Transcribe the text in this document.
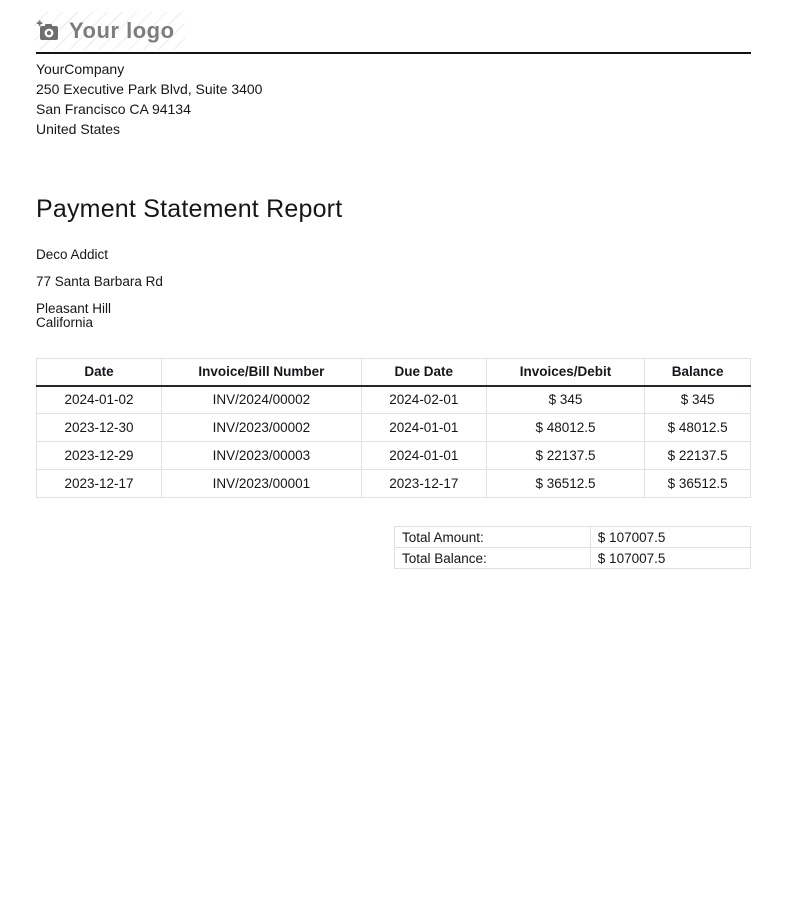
Your logo
YourCompany
250 Executive Park Blvd, Suite 3400
San Francisco CA 94134
United States
Payment Statement Report
Deco Addict
77 Santa Barbara Rd
Pleasant Hill
California
Date	Invoice/Bill Number	Due Date	Invoices/Debit	Balance
2024-01-02	INV/2024/00002	2024-02-01	$ 345	$ 345
2023-12-30	INV/2023/00002	2024-01-01	$ 48012.5	$ 48012.5
2023-12-29	INV/2023/00003	2024-01-01	$ 22137.5	$ 22137.5
2023-12-17	INV/2023/00001	2023-12-17	$ 36512.5	$ 36512.5
Total Amount:	$ 107007.5
Total Balance:	$ 107007.5
